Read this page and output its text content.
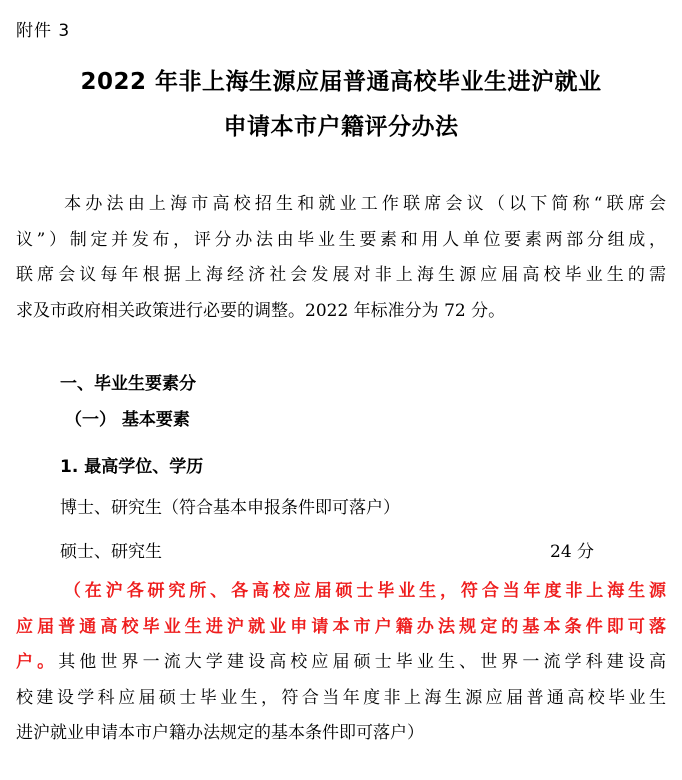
附件 3
2022 年非上海生源应届普通高校毕业生进沪就业
申请本市户籍评分办法
本办法由上海市高校招生和就业工作联席会议（以下简称“联席会
议”）制定并发布，评分办法由毕业生要素和用人单位要素两部分组成，
联席会议每年根据上海经济社会发展对非上海生源应届高校毕业生的需
求及市政府相关政策进行必要的调整。2022 年标准分为 72 分。
一、毕业生要素分
（一） 基本要素
1. 最高学位、学历
博士、研究生（符合基本申报条件即可落户）
硕士、研究生	24 分
（在沪各研究所、各高校应届硕士毕业生，符合当年度非上海生源
应届普通高校毕业生进沪就业申请本市户籍办法规定的基本条件即可落
户。其他世界一流大学建设高校应届硕士毕业生、世界一流学科建设高
校建设学科应届硕士毕业生，符合当年度非上海生源应届普通高校毕业生
进沪就业申请本市户籍办法规定的基本条件即可落户）
